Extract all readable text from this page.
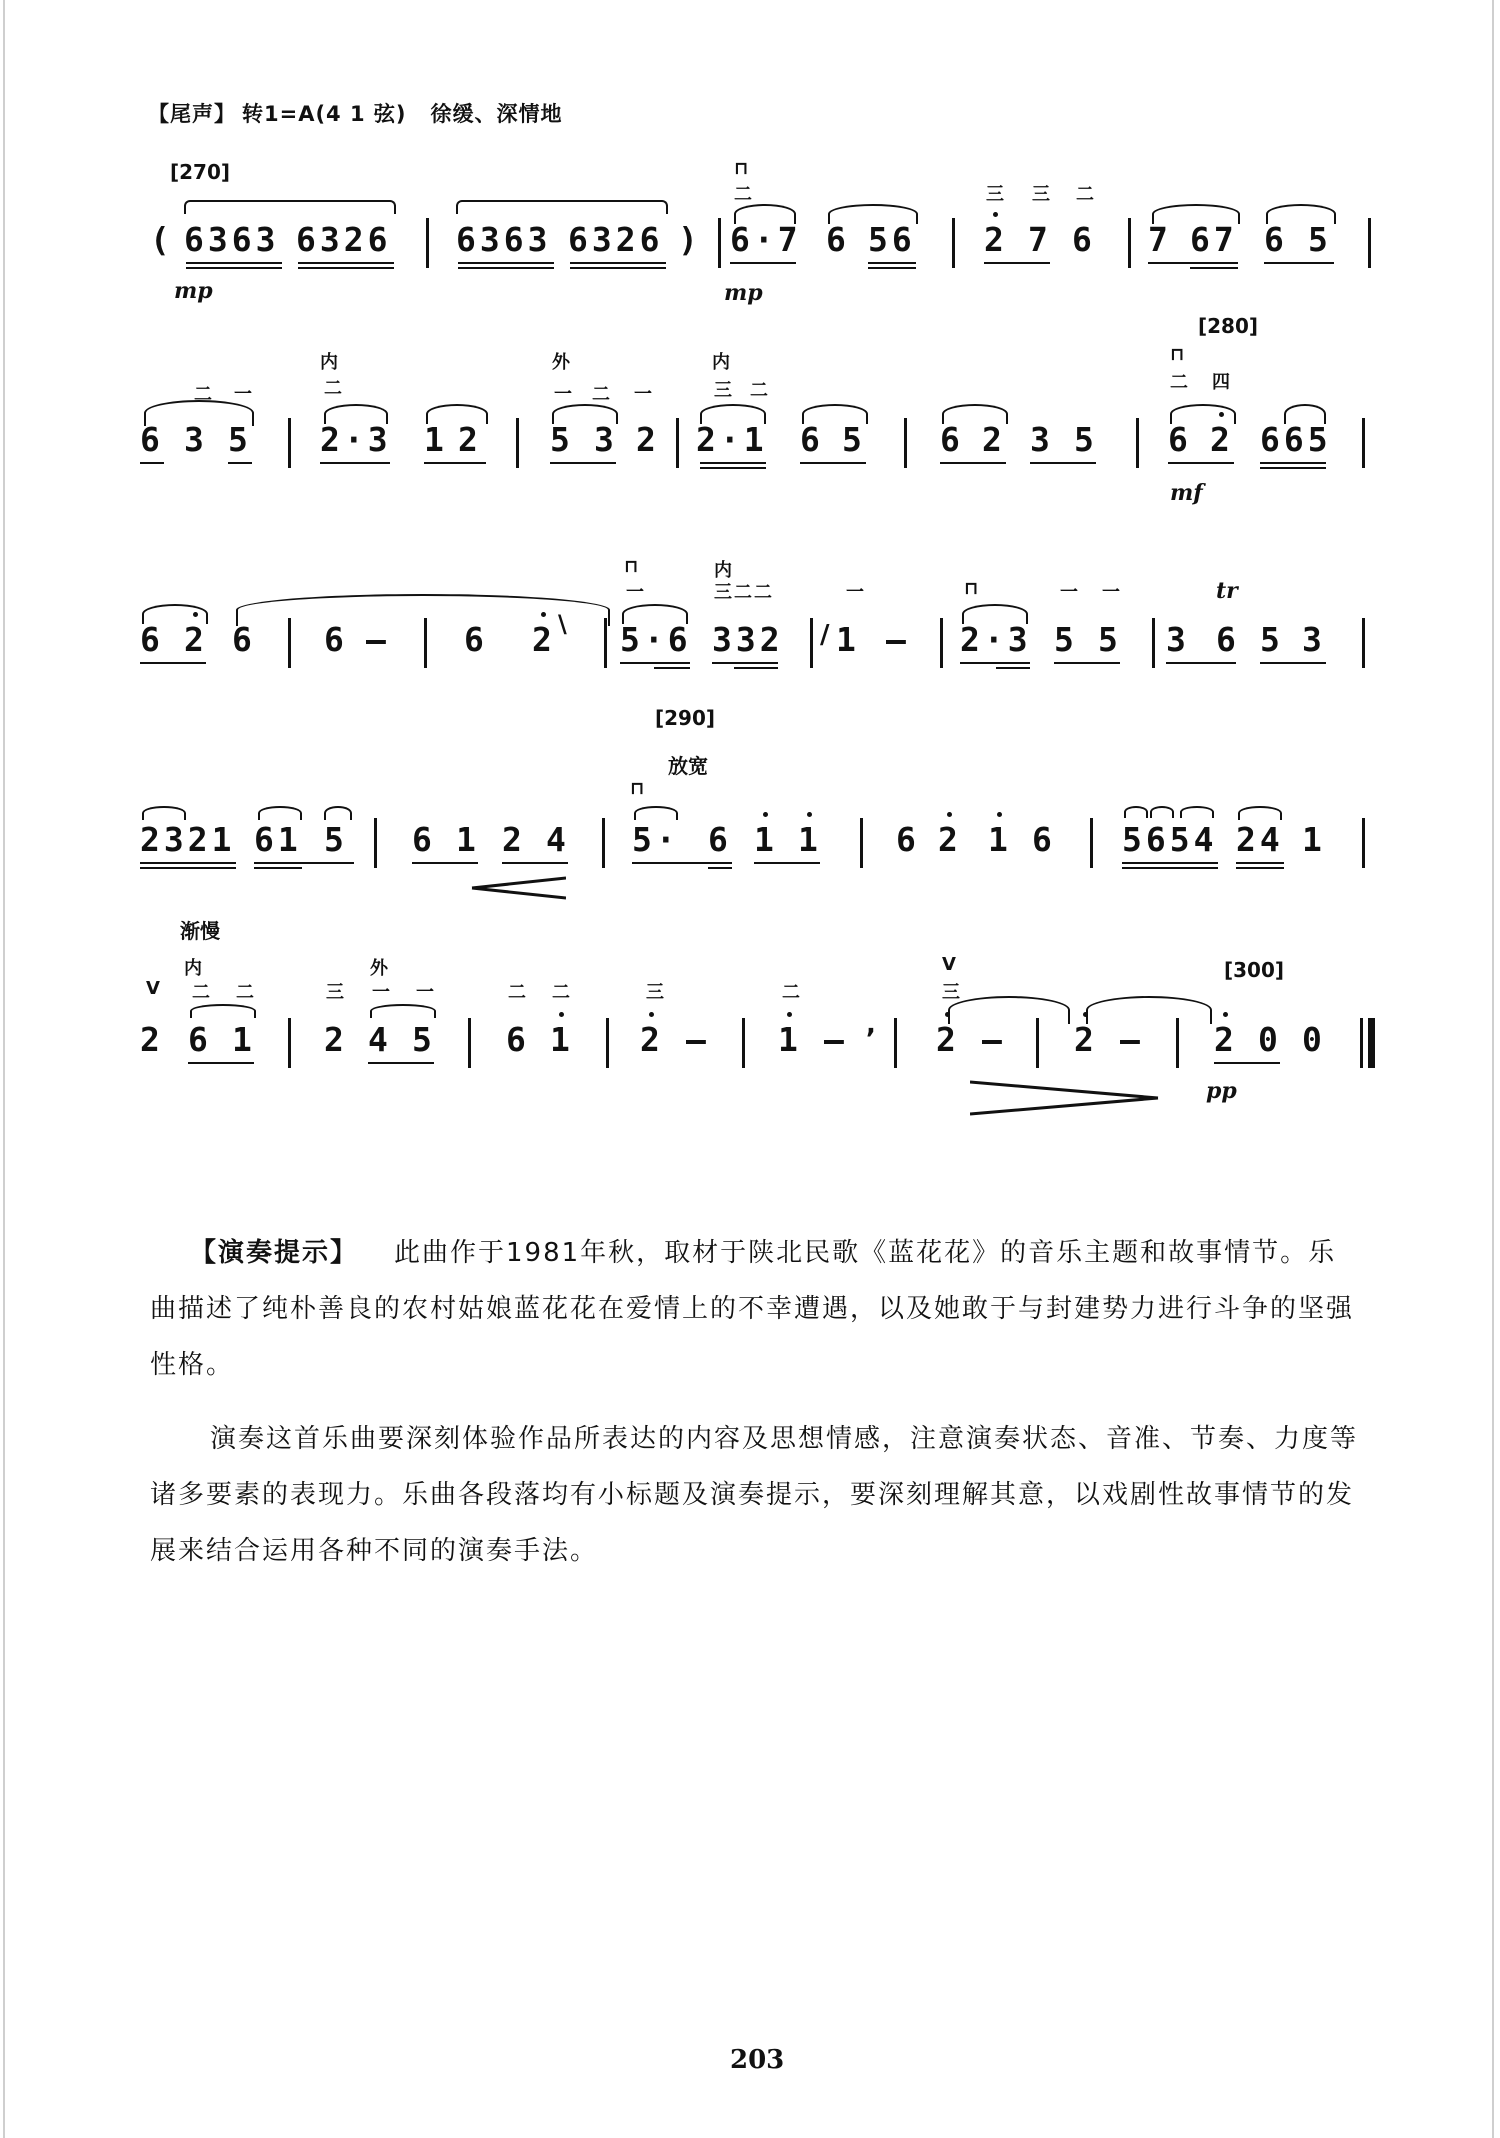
【尾声】 转1=A(4 1 弦) 徐缓、深情地
[270]
[280]
[290]
放宽
渐慢
[300]
( 6363 6326
mp
6363 6326 )
⊓
二
6·7 6 56
mp
三 三 二
2 7 6 7 67 6 5
二 一
6 3 5
内
二
2·3 1 2
外
一 二 一
5 3 2
内
三 二
2·1 6 5 6 2 3 5
⊓
二 四
6 2 665
mf
6 2 6 6 – 6 2 \
⊓
一
内
三 二 二
5·6 332
一
/ 1 –
⊓	一 一
2·3 5 5
tr
3 6 5 3
2321 61 5 6 1 2 4
⊓
5· 6 1 1 6 2 1 6 5654 24 1
V
内
二 二
2 6 1
外
三 一 一
2 4 5
二 二
6 1
三
2 –
二
1 – ,
V
三
2 – 2 – 2 0 0
pp

【演奏提示】 此曲作于1981年秋，取材于陕北民歌《蓝花花》的音乐主题和故事情节。乐曲描述了纯朴善良的农村姑娘蓝花花在爱情上的不幸遭遇，以及她敢于与封建势力进行斗争的坚强性格。

演奏这首乐曲要深刻体验作品所表达的内容及思想情感，注意演奏状态、音准、节奏、力度等诸多要素的表现力。乐曲各段落均有小标题及演奏提示，要深刻理解其意，以戏剧性故事情节的发展来结合运用各种不同的演奏手法。

203
